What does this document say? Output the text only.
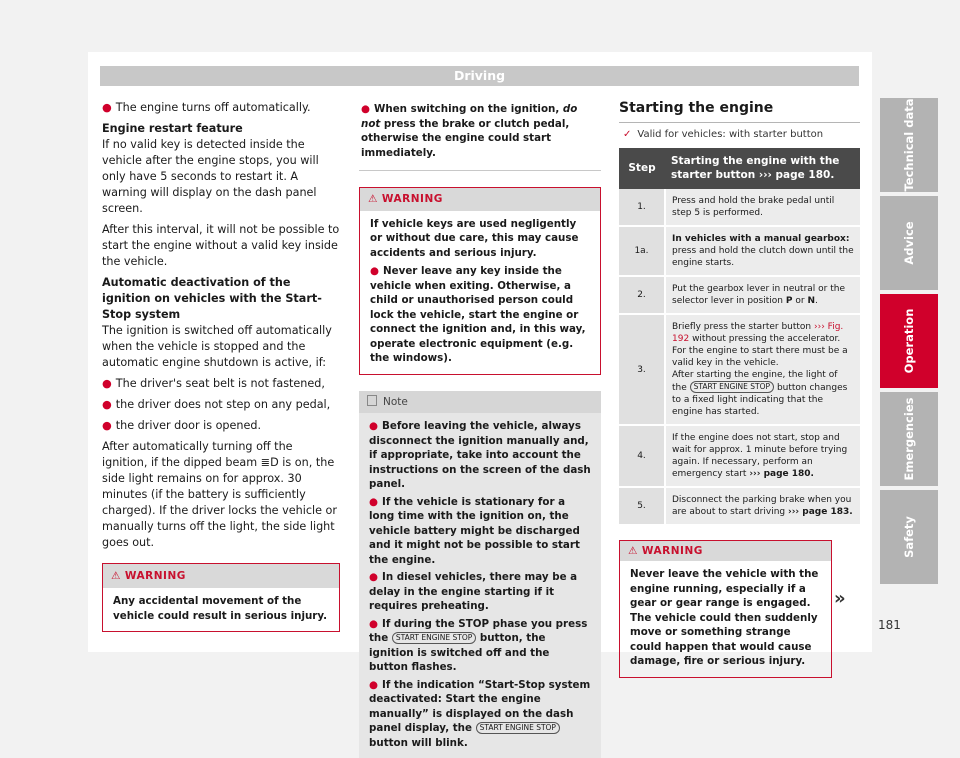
Driving
● The engine turns off automatically.
Engine restart feature
If no valid key is detected inside the vehicle after the engine stops, you will only have 5 seconds to restart it. A warning will display on the dash panel screen.
After this interval, it will not be possible to start the engine without a valid key inside the vehicle.
Automatic deactivation of the ignition on vehicles with the Start-Stop system
The ignition is switched off automatically when the vehicle is stopped and the automatic engine shutdown is active, if:
● The driver's seat belt is not fastened,
● the driver does not step on any pedal,
● the driver door is opened.
After automatically turning off the ignition, if the dipped beam ≣D is on, the side light remains on for approx. 30 minutes (if the battery is sufficiently charged). If the driver locks the vehicle or manually turns off the light, the side light goes out.
⚠ WARNING
Any accidental movement of the vehicle could result in serious injury.
● When switching on the ignition, do not press the brake or clutch pedal, otherwise the engine could start immediately.
⚠ WARNING
If vehicle keys are used negligently or without due care, this may cause accidents and serious injury.
● Never leave any key inside the vehicle when exiting. Otherwise, a child or unauthorised person could lock the vehicle, start the engine or connect the ignition and, in this way, operate electronic equipment (e.g. the windows).
Note
● Before leaving the vehicle, always disconnect the ignition manually and, if appropriate, take into account the instructions on the screen of the dash panel.
● If the vehicle is stationary for a long time with the ignition on, the vehicle battery might be discharged and it might not be possible to start the engine.
● In diesel vehicles, there may be a delay in the engine starting if it requires preheating.
● If during the STOP phase you press the START ENGINE STOP button, the ignition is switched off and the button flashes.
● If the indication “Start-Stop system deactivated: Start the engine manually” is displayed on the dash panel display, the START ENGINE STOP button will blink.
Starting the engine
✓ Valid for vehicles: with starter button
Step	Starting the engine with the starter button ››› page 180.
1.	Press and hold the brake pedal until step 5 is performed.
1a.	In vehicles with a manual gearbox: press and hold the clutch down until the engine starts.
2.	Put the gearbox lever in neutral or the selector lever in position P or N.
3.	Briefly press the starter button ››› Fig. 192 without pressing the accelerator. For the engine to start there must be a valid key in the vehicle.
After starting the engine, the light of the START ENGINE STOP button changes to a fixed light indicating that the engine has started.
4.	If the engine does not start, stop and wait for approx. 1 minute before trying again. If necessary, perform an emergency start ››› page 180.
5.	Disconnect the parking brake when you are about to start driving ››› page 183.
⚠ WARNING
Never leave the vehicle with the engine running, especially if a gear or gear range is engaged. The vehicle could then suddenly move or something strange could happen that would cause damage, fire or serious injury.
»
Technical data
Advice
Operation
Emergencies
Safety
181
